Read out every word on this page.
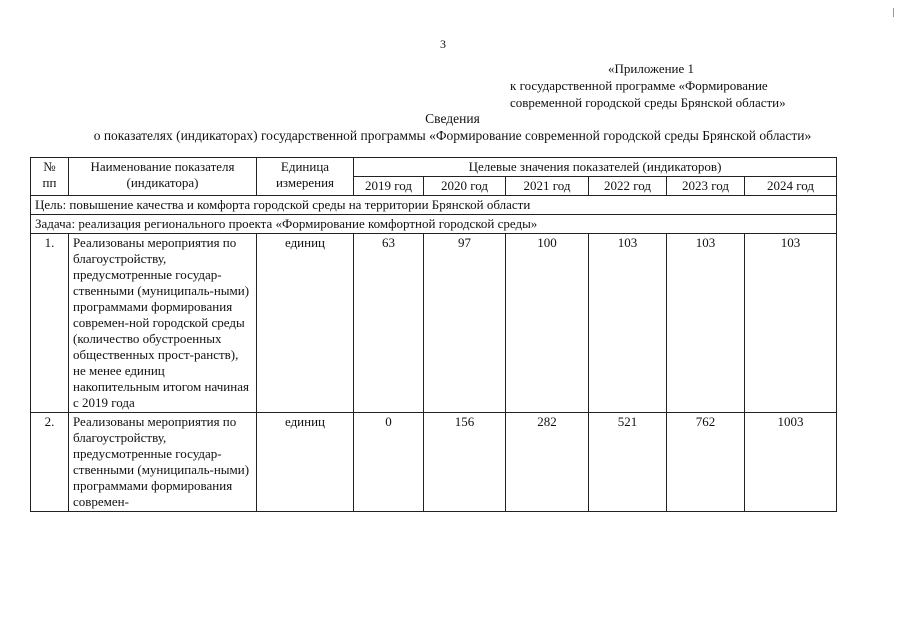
3
«Приложение 1
к государственной программе «Формирование
современной городской среды Брянской области»
Сведения
о показателях (индикаторах) государственной программы «Формирование современной городской среды Брянской области»
№ пп	Наименование показателя (индикатора)	Единица измерения	Целевые значения показателей (индикаторов)					
			2019 год	2020 год	2021 год	2022 год	2023 год	2024 год
Цель: повышение качества и комфорта городской среды на территории Брянской области								
Задача: реализация регионального проекта «Формирование комфортной городской среды»								
1.	Реализованы мероприятия по благоустройству, предусмотренные государ-ственными (муниципаль-ными) программами формирования современ-ной городской среды (количество обустроенных общественных прост-ранств), не менее единиц накопительным итогом начиная с 2019 года	единиц	63	97	100	103	103	103
2.	Реализованы мероприятия по благоустройству, предусмотренные государ-ственными (муниципаль-ными) программами формирования современ-	единиц	0	156	282	521	762	1003
